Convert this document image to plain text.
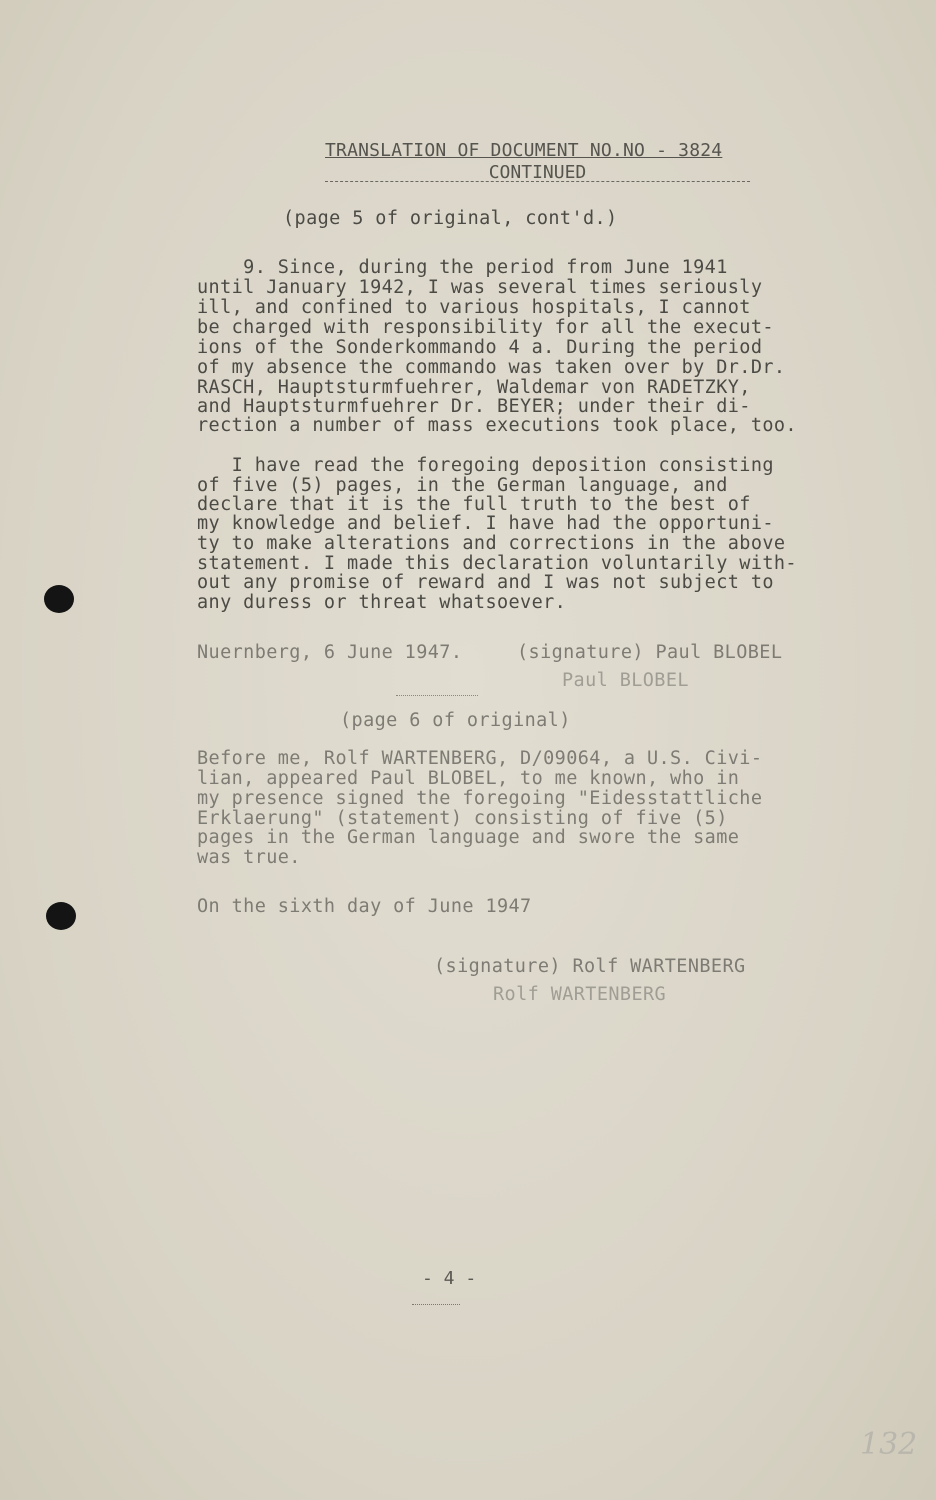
TRANSLATION OF DOCUMENT NO.NO - 3824
CONTINUED
(page 5 of original, cont'd.)
9. Since, during the period from June 1941
until January 1942, I was several times seriously
ill, and confined to various hospitals, I cannot
be charged with responsibility for all the execut-
ions of the Sonderkommando 4 a. During the period
of my absence the commando was taken over by Dr.Dr.
RASCH, Hauptsturmfuehrer, Waldemar von RADETZKY,
and Hauptsturmfuehrer Dr. BEYER; under their di-
rection a number of mass executions took place, too.
I have read the foregoing deposition consisting
of five (5) pages, in the German language, and
declare that it is the full truth to the best of
my knowledge and belief. I have had the opportuni-
ty to make alterations and corrections in the above
statement. I made this declaration voluntarily with-
out any promise of reward and I was not subject to
any duress or threat whatsoever.
Nuernberg, 6 June 1947.	(signature) Paul BLOBEL
Paul BLOBEL
(page 6 of original)
Before me, Rolf WARTENBERG, D/09064, a U.S. Civi-
lian, appeared Paul BLOBEL, to me known, who in
my presence signed the foregoing "Eidesstattliche
Erklaerung" (statement) consisting of five (5)
pages in the German language and swore the same
was true.
On the sixth day of June 1947
(signature) Rolf WARTENBERG
Rolf WARTENBERG
- 4 -
132
